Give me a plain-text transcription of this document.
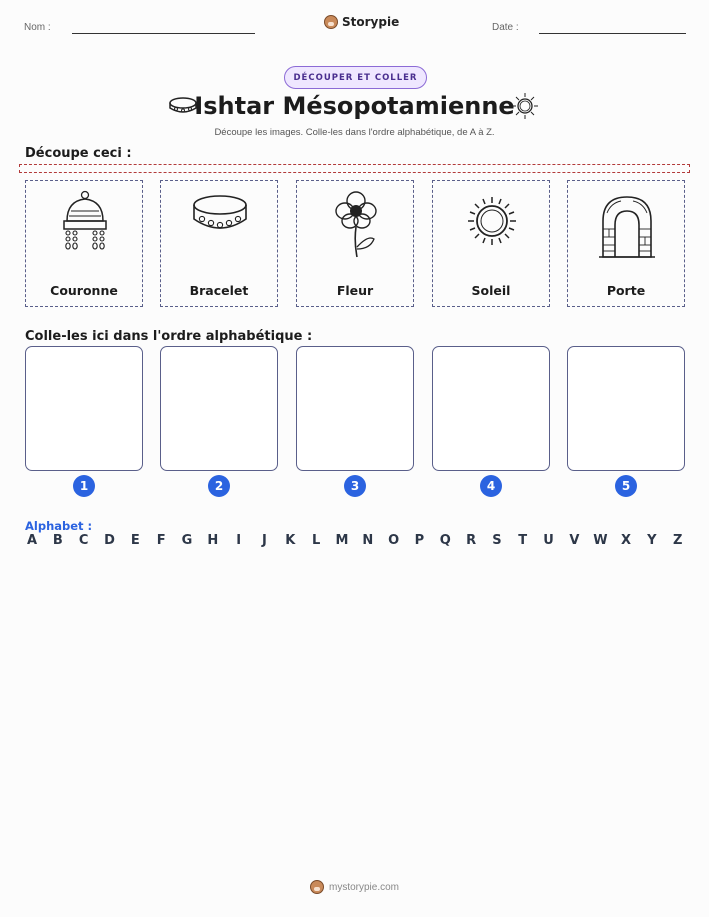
Nom :	Storypie	Date :
DÉCOUPER ET COLLER
Ishtar Mésopotamienne
Découpe les images. Colle-les dans l'ordre alphabétique, de A à Z.
Découpe ceci :
Couronne	Bracelet	Fleur	Soleil	Porte
Colle-les ici dans l'ordre alphabétique :
1	2	3	4	5
Alphabet :
A B C D E F G H	I	J	K L M N O P Q R S T U V W X Y Z
mystorypie.com
